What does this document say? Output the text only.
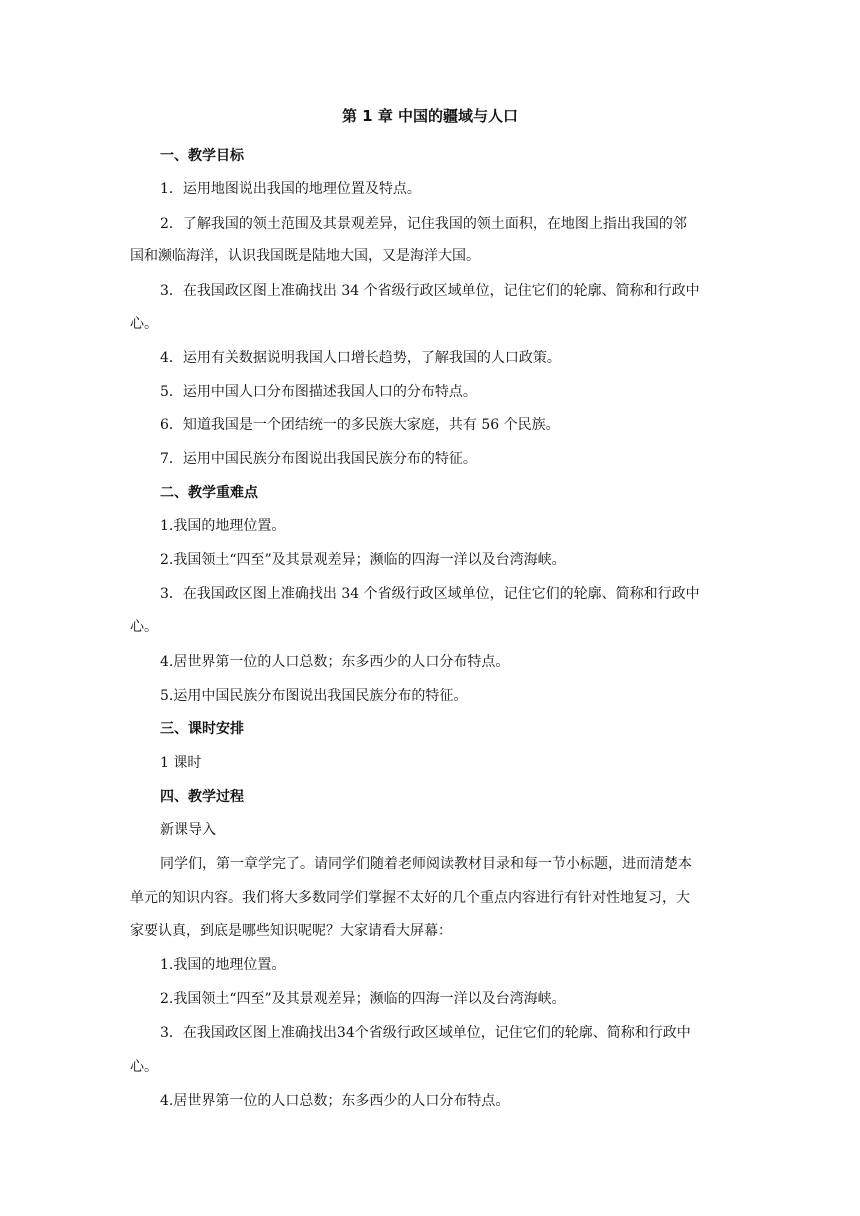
第 1 章 中国的疆域与人口
一、教学目标
1．运用地图说出我国的地理位置及特点。
2．了解我国的领土范围及其景观差异，记住我国的领土面积，在地图上指出我国的邻
国和濒临海洋，认识我国既是陆地大国，又是海洋大国。
3．在我国政区图上准确找出 34 个省级行政区域单位，记住它们的轮廓、简称和行政中
心。
4．运用有关数据说明我国人口增长趋势，了解我国的人口政策。
5．运用中国人口分布图描述我国人口的分布特点。
6．知道我国是一个团结统一的多民族大家庭，共有 56 个民族。
7．运用中国民族分布图说出我国民族分布的特征。
二、教学重难点
1.我国的地理位置。
2.我国领土“四至”及其景观差异；濒临的四海一洋以及台湾海峡。
3．在我国政区图上准确找出 34 个省级行政区域单位，记住它们的轮廓、简称和行政中
心。
4.居世界第一位的人口总数；东多西少的人口分布特点。
5.运用中国民族分布图说出我国民族分布的特征。
三、课时安排
1 课时
四、教学过程
新课导入
同学们，第一章学完了。请同学们随着老师阅读教材目录和每一节小标题，进而清楚本
单元的知识内容。我们将大多数同学们掌握不太好的几个重点内容进行有针对性地复习，大
家要认真，到底是哪些知识呢呢？大家请看大屏幕：
1.我国的地理位置。
2.我国领土“四至”及其景观差异；濒临的四海一洋以及台湾海峡。
3．在我国政区图上准确找出34个省级行政区域单位，记住它们的轮廓、简称和行政中
心。
4.居世界第一位的人口总数；东多西少的人口分布特点。
